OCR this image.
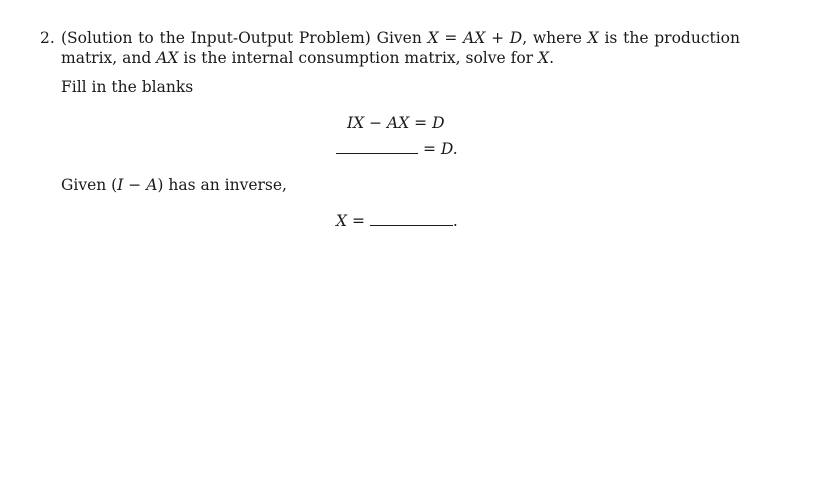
2. (Solution to the Input-Output Problem) Given X = AX + D, where X is the production matrix, and AX is the internal consumption matrix, solve for X.
Fill in the blanks
IX − AX = D
= D.
Given (I − A) has an inverse,
X =	.
